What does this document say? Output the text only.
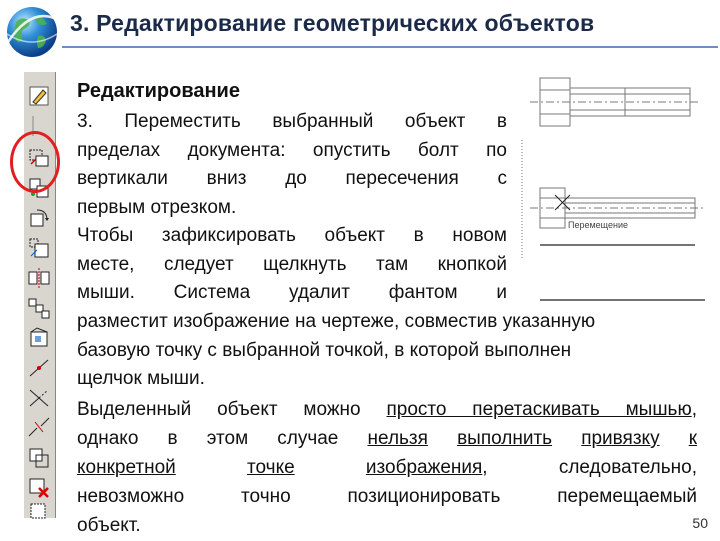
3. Редактирование геометрических объектов
Редактирование
3. Переместить выбранный объект в
пределах документа: опустить болт по
вертикали вниз до пересечения с
первым отрезком.
Чтобы зафиксировать объект в новом
месте, следует щелкнуть там кнопкой
мыши. Система удалит фантом и
разместит изображение на чертеже, совместив указанную
базовую точку с выбранной точкой, в которой выполнен
щелчок мыши.
Выделенный объект можно просто перетаскивать мышью,
однако в этом случае нельзя выполнить привязку к
конкретной	точке	изображения, следовательно,
невозможно точно позиционировать перемещаемый
объект.
Перемещение
50
